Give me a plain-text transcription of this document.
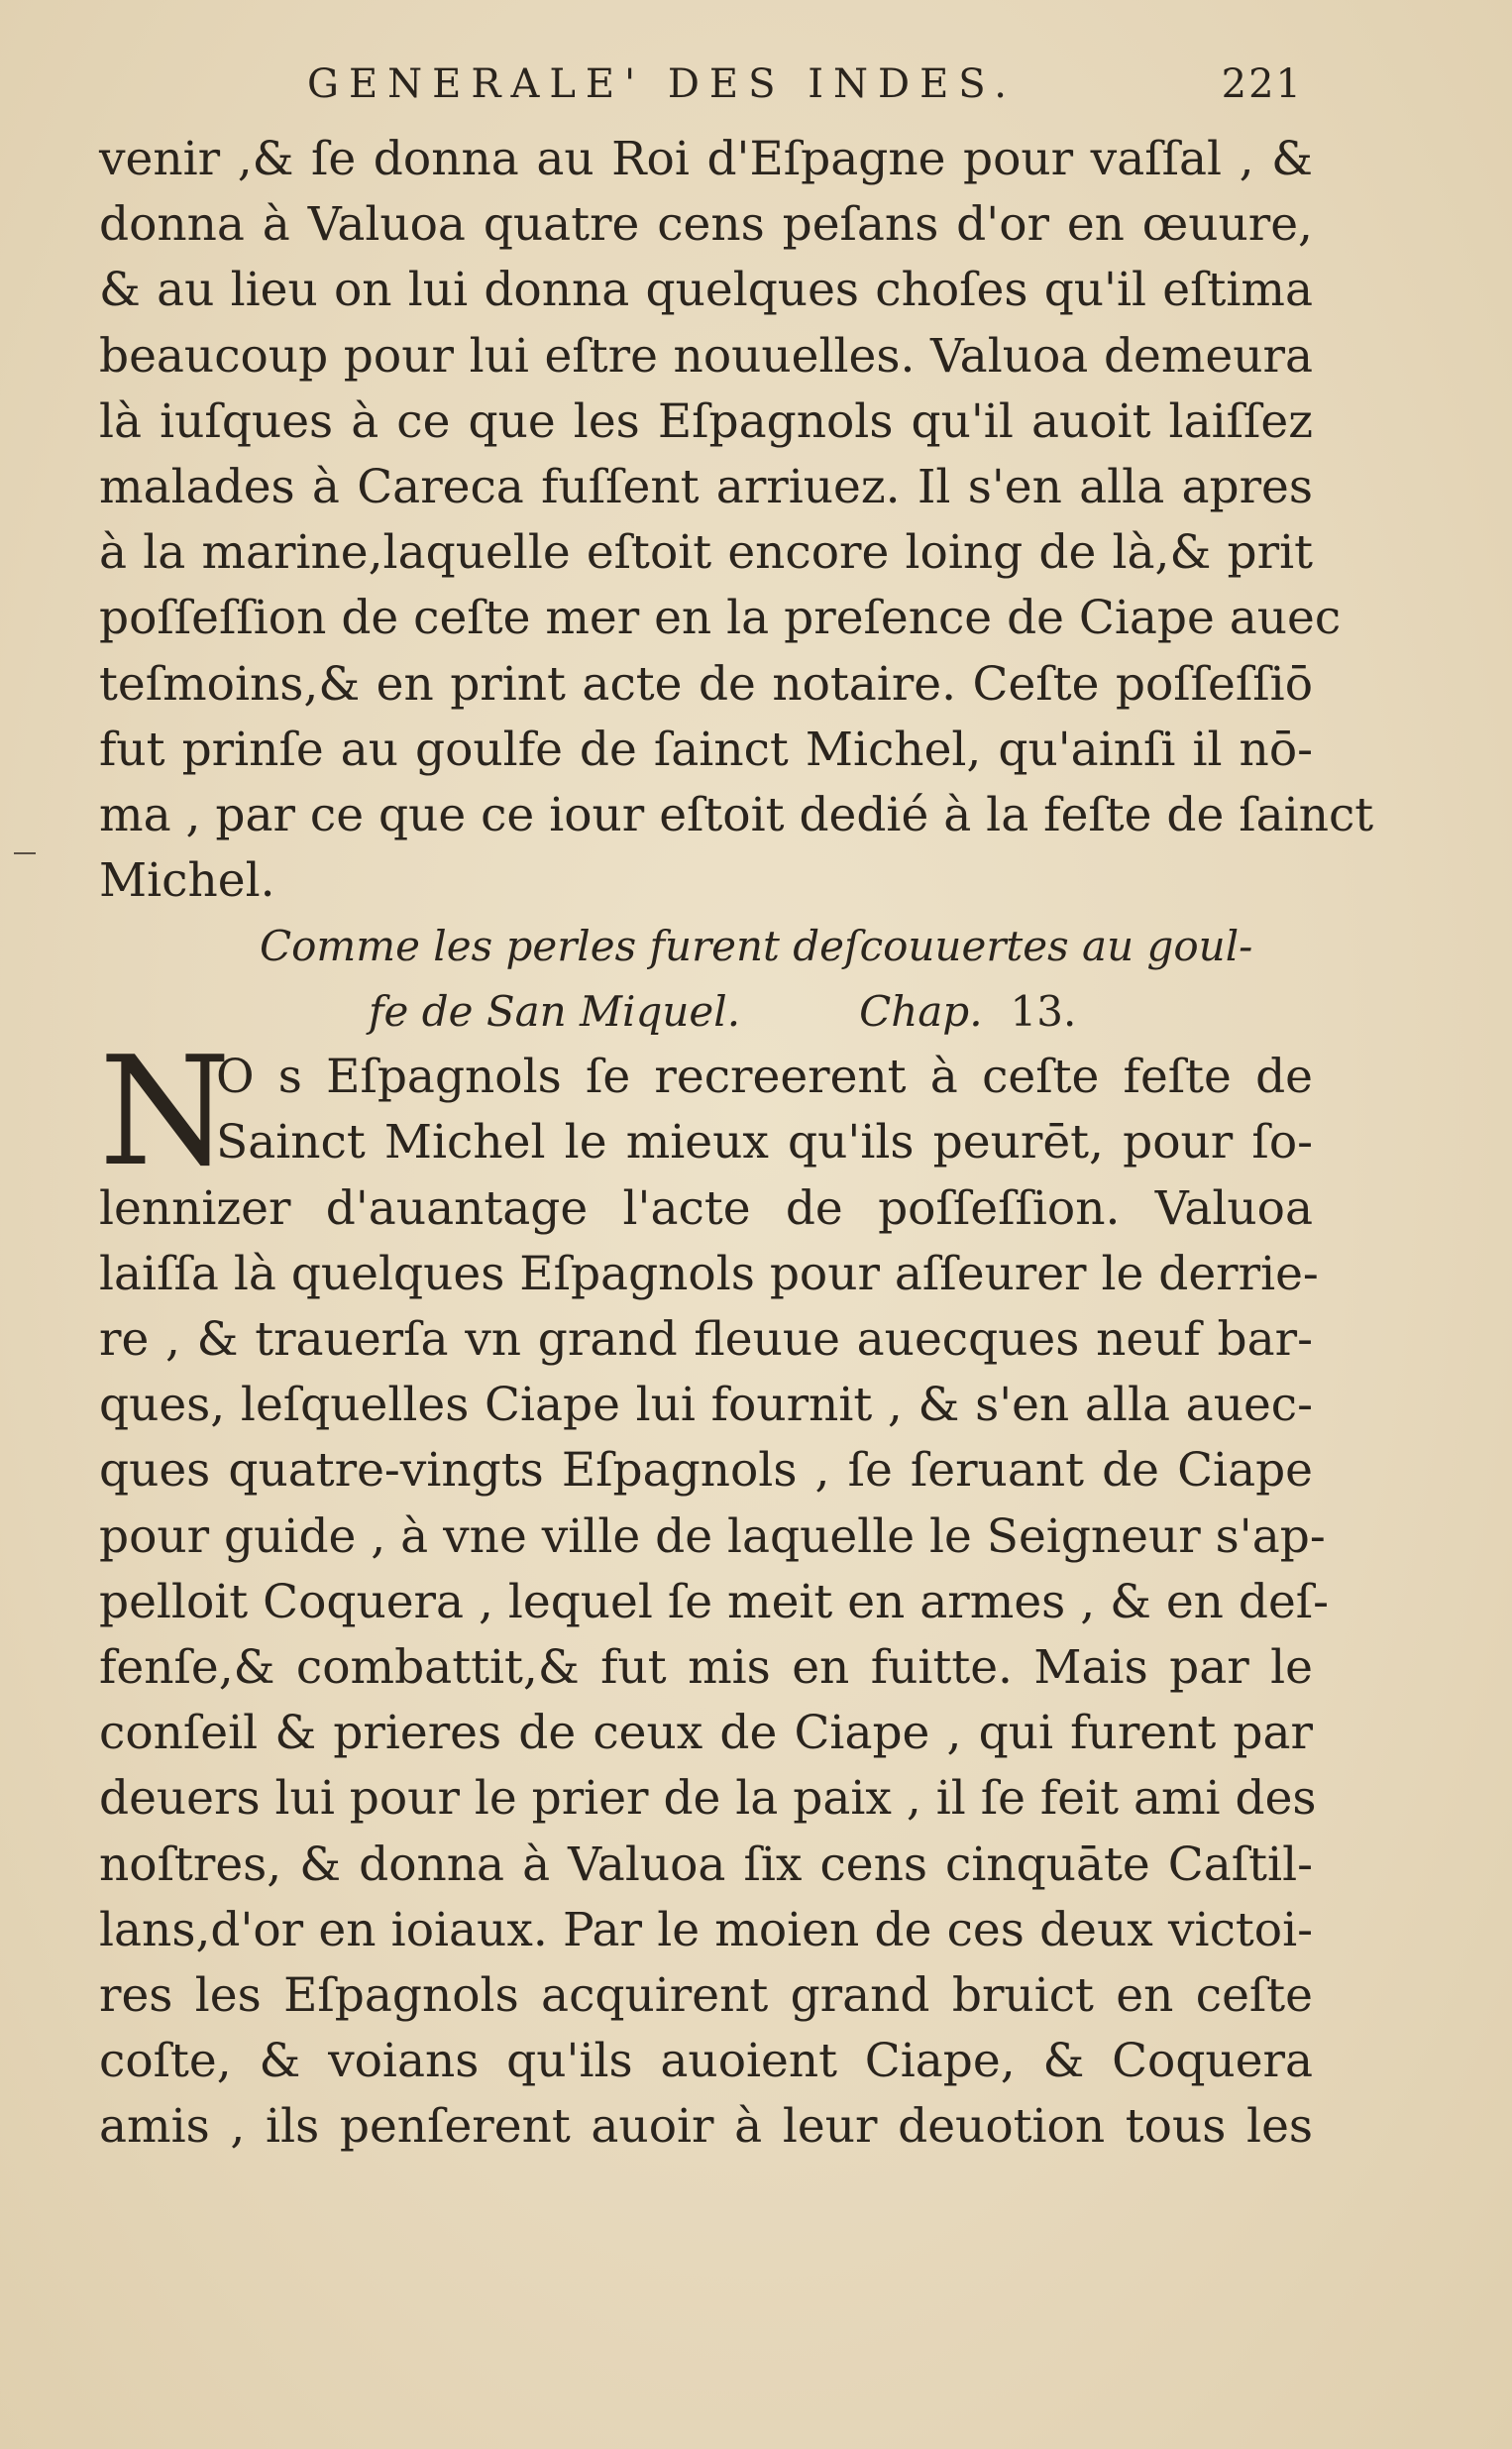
GENERALE' DES INDES.	221
venir ,& ſe donna au Roi d'Eſpagne pour vaſſal , &
donna à Valuoa quatre cens peſans d'or en œuure,
& au lieu on lui donna quelques choſes qu'il eſtima
beaucoup pour lui eſtre nouuelles. Valuoa demeura
là iuſques à ce que les Eſpagnols qu'il auoit laiſſez
malades à Careca fuſſent arriuez. Il s'en alla apres
à la marine,laquelle eſtoit encore loing de là,& prit
poſſeſſion de ceſte mer en la preſence de Ciape auec
teſmoins,& en print acte de notaire. Ceſte poſſeſſiō
fut prinſe au goulfe de ſainct Michel, qu'ainſi il nō-
ma , par ce que ce iour eſtoit dedié à la feſte de ſainct
Michel.
Comme les perles furent deſcouuertes au goul-
fe de San Miquel.	Chap. 13.
N
O s Eſpagnols ſe recreerent à ceſte feſte de
Sainct Michel le mieux qu'ils peurēt, pour ſo-
lennizer d'auantage l'acte de poſſeſſion. Valuoa
laiſſa là quelques Eſpagnols pour aſſeurer le derrie-
re , & trauerſa vn grand fleuue auecques neuf bar-
ques, leſquelles Ciape lui fournit , & s'en alla auec-
ques quatre-vingts Eſpagnols , ſe ſeruant de Ciape
pour guide , à vne ville de laquelle le Seigneur s'ap-
pelloit Coquera , lequel ſe meit en armes , & en deſ-
fenſe,& combattit,& fut mis en fuitte. Mais par le
conſeil & prieres de ceux de Ciape , qui furent par
deuers lui pour le prier de la paix , il ſe feit ami des
noſtres, & donna à Valuoa ſix cens cinquāte Caſtil-
lans,d'or en ioiaux. Par le moien de ces deux victoi-
res les Eſpagnols acquirent grand bruict en ceſte
coſte, & voians qu'ils auoient Ciape, & Coquera
amis , ils penſerent auoir à leur deuotion tous les
